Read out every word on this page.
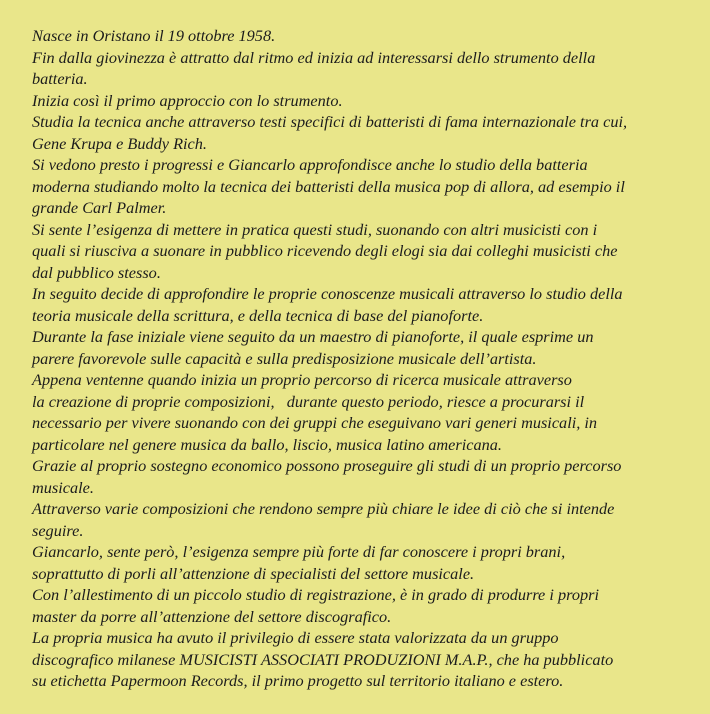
Nasce in Oristano il 19 ottobre 1958.
Fin dalla giovinezza è attratto dal ritmo ed inizia ad interessarsi dello strumento della
batteria.
Inizia così il primo approccio con lo strumento.
Studia la tecnica anche attraverso testi specifici di batteristi di fama internazionale tra cui,
Gene Krupa e Buddy Rich.
Si vedono presto i progressi e Giancarlo approfondisce anche lo studio della batteria
moderna studiando molto la tecnica dei batteristi della musica pop di allora, ad esempio il
grande Carl Palmer.
Si sente l’esigenza di mettere in pratica questi studi, suonando con altri musicisti con i
quali si riusciva a suonare in pubblico ricevendo degli elogi sia dai colleghi musicisti che
dal pubblico stesso.
In seguito decide di approfondire le proprie conoscenze musicali attraverso lo studio della
teoria musicale della scrittura, e della tecnica di base del pianoforte.
Durante la fase iniziale viene seguito da un maestro di pianoforte, il quale esprime un
parere favorevole sulle capacità e sulla predisposizione musicale dell’artista.
Appena ventenne quando inizia un proprio percorso di ricerca musicale attraverso
la creazione di proprie composizioni,   durante questo periodo, riesce a procurarsi il
necessario per vivere suonando con dei gruppi che eseguivano vari generi musicali, in
particolare nel genere musica da ballo, liscio, musica latino americana.
Grazie al proprio sostegno economico possono proseguire gli studi di un proprio percorso
musicale.
Attraverso varie composizioni che rendono sempre più chiare le idee di ciò che si intende
seguire.
Giancarlo, sente però, l’esigenza sempre più forte di far conoscere i propri brani,
soprattutto di porli all’attenzione di specialisti del settore musicale.
Con l’allestimento di un piccolo studio di registrazione, è in grado di produrre i propri
master da porre all’attenzione del settore discografico.
La propria musica ha avuto il privilegio di essere stata valorizzata da un gruppo
discografico milanese MUSICISTI ASSOCIATI PRODUZIONI M.A.P., che ha pubblicato
su etichetta Papermoon Records, il primo progetto sul territorio italiano e estero.
